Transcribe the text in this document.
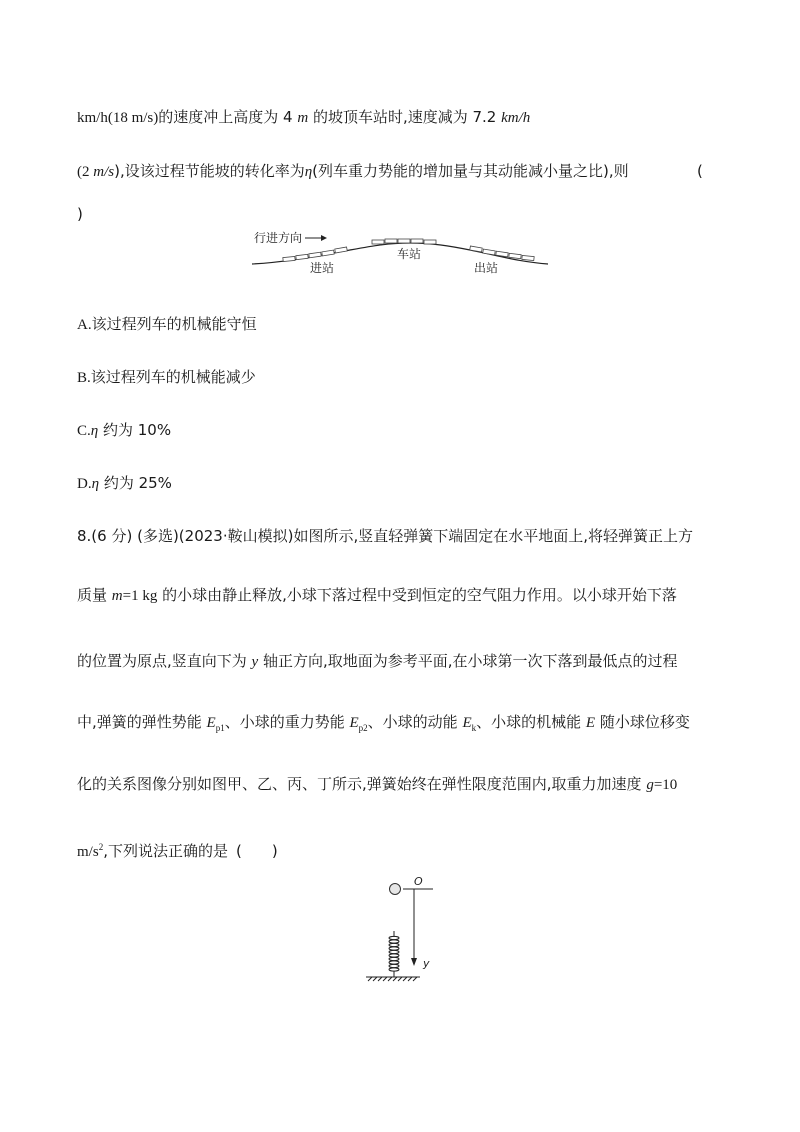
km/h(18 m/s)的速度冲上高度为 4 m 的坡顶车站时,速度减为 7.2 km/h
(2 m/s),设该过程节能坡的转化率为η(列车重力势能的增加量与其动能减小量之比),则	(
)
行进方向
进站
车站
出站
A.该过程列车的机械能守恒
B.该过程列车的机械能减少
C.η 约为 10%
D.η 约为 25%
8.(6 分) (多选)(2023·鞍山模拟)如图所示,竖直轻弹簧下端固定在水平地面上,将轻弹簧正上方
质量 m=1 kg 的小球由静止释放,小球下落过程中受到恒定的空气阻力作用。以小球开始下落
的位置为原点,竖直向下为 y 轴正方向,取地面为参考平面,在小球第一次下落到最低点的过程
中,弹簧的弹性势能 $E_{p1}$、小球的重力势能 $E_{p2}$、小球的动能 $E_k$、小球的机械能 E 随小球位移变
化的关系图像分别如图甲、乙、丙、丁所示,弹簧始终在弹性限度范围内,取重力加速度 g=10
$m/s^2$,下列说法正确的是 ( )
O
y
